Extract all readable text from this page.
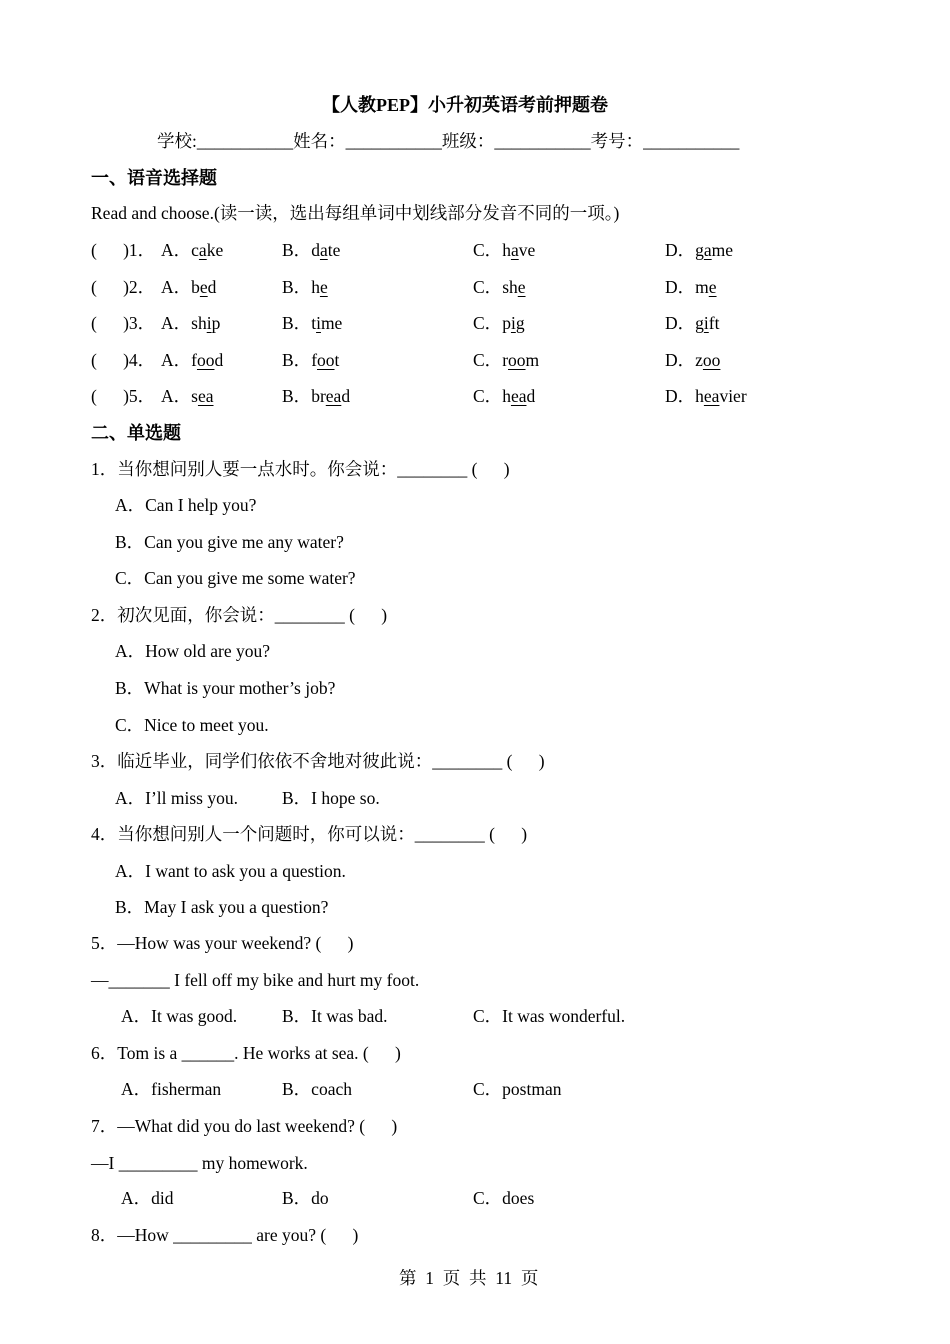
【人教PEP】小升初英语考前押题卷
学校:___________姓名：___________班级：___________考号：___________
一、语音选择题
Read and choose.(读一读，选出每组单词中划线部分发音不同的一项。)
(      )1． A．cake	B．date	C．have	D．game
(      )2． A．bed	B．he	C．she	D．me
(      )3． A．ship	B．time	C．pig	D．gift
(      )4． A．food	B．foot	C．room	D．zoo
(      )5． A．sea	B．bread	C．head	D．heavier
二、单选题
1．当你想问别人要一点水时。你会说：________ (      )
A．Can I help you?
B．Can you give me any water?
C．Can you give me some water?
2．初次见面，你会说：________ (      )
A．How old are you?
B．What is your mother’s job?
C．Nice to meet you.
3．临近毕业，同学们依依不舍地对彼此说：________ (      )
A．I’ll miss you.	B．I hope so.
4．当你想问别人一个问题时，你可以说：________ (      )
A．I want to ask you a question.
B．May I ask you a question?
5．—How was your weekend? (      )
—_______ I fell off my bike and hurt my foot.
A．It was good.	B．It was bad.	C．It was wonderful.
6．Tom is a ______. He works at sea. (      )
A．fisherman	B．coach	C．postman
7．—What did you do last weekend? (      )
—I _________ my homework.
A．did	B．do	C．does
8．—How _________ are you? (      )
第  1  页  共  11  页
